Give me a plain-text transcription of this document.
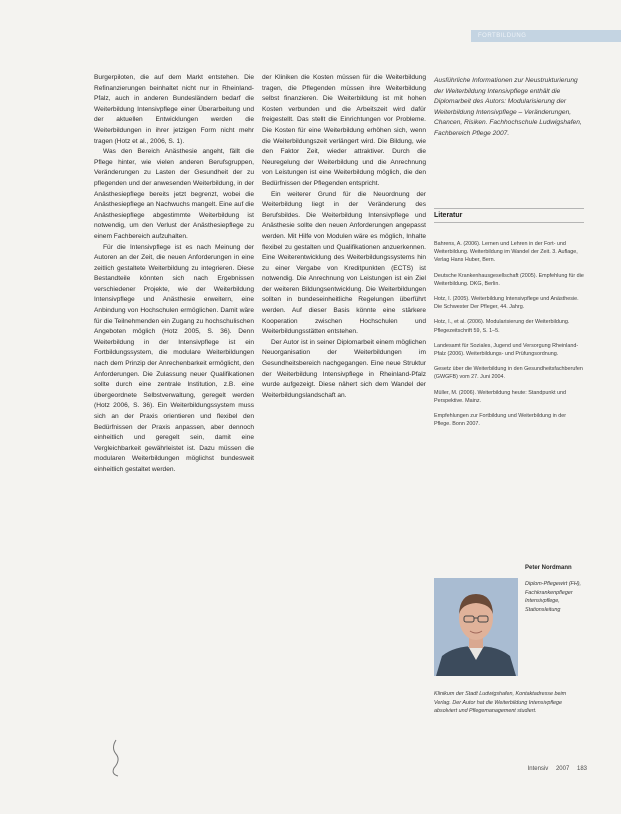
FORTBILDUNG

Burgerpiloten, die auf dem Markt entstehen. Die Refinanzierungen beinhaltet nicht nur in Rheinland-Pfalz, auch in anderen Bundesländern bedarf die Weiterbildung Intensivpflege einer Überarbeitung und der aktuellen Entwicklungen werden die Weiterbildungen in ihrer jetzigen Form nicht mehr tragen (Hotz et al., 2006, S. 1).

Was den Bereich Anästhesie angeht, fällt die Pflege hinter, wie vielen anderen Berufsgruppen, Veränderungen zu Lasten der Gesundheit der zu pflegenden und der anwesenden Weiterbildung, in der Anästhesiepflege bereits jetzt begrenzt, wobei die Anästhesiepflege an Nachwuchs mangelt. Eine auf die Anästhesiepflege abgestimmte Weiterbildung ist notwendig, um den Verlust der Anästhesiepflege zu einem Fachbereich aufzuhalten.

Für die Intensivpflege ist es nach Meinung der Autoren an der Zeit, die neuen Anforderungen in eine zeitlich gestaltete Weiterbildung zu integrieren. Diese Bestandteile könnten sich nach Ergebnissen verschiedener Projekte, wie der Weiterbildung Intensivpflege und Anästhesie erweitern, eine Anbindung von Hochschulen ermöglichen. Damit wäre für die Teilnehmenden ein Zugang zu hochschulischen Angeboten möglich (Hotz 2005, S. 36). Denn Weiterbildung in der Intensivpflege ist ein Fortbildungssystem, die modulare Weiterbildungen nach dem Prinzip der Anrechenbarkeit ermöglicht, den Anforderungen. Die Zulassung neuer Qualifikationen sollte durch eine zentrale Institution, z.B. eine übergeordnete Selbstverwaltung, geregelt werden (Hotz 2006, S. 36). Ein Weiterbildungssystem muss sich an der Praxis orientieren und flexibel den Bedürfnissen der Praxis anpassen, aber dennoch einheitlich und geregelt sein, damit eine Vergleichbarkeit gewährleistet ist. Dazu müssen die modularen Weiterbildungen möglichst bundesweit einheitlich gestaltet werden.

der Kliniken die Kosten müssen für die Weiterbildung tragen, die Pflegenden müssen ihre Weiterbildung selbst finanzieren. Die Weiterbildung ist mit hohen Kosten verbunden und die Arbeitszeit wird dafür freigestellt. Das stellt die Einrichtungen vor Probleme. Die Kosten für eine Weiterbildung erhöhen sich, wenn die Weiterbildungszeit verlängert wird. Die Bildung, wie den Faktor Zeit, wieder attraktiver. Durch die Neuregelung der Weiterbildung und die Anrechnung von Leistungen ist eine Weiterbildung möglich, die den Bedürfnissen der Pflegenden entspricht.

Ein weiterer Grund für die Neuordnung der Weiterbildung liegt in der Veränderung des Berufsbildes. Die Weiterbildung Intensivpflege und Anästhesie sollte den neuen Anforderungen angepasst werden. Mit Hilfe von Modulen wäre es möglich, Inhalte flexibel zu gestalten und Qualifikationen anzuerkennen. Eine Weiterentwicklung des Weiterbildungssystems hin zu einer Vergabe von Kreditpunkten (ECTS) ist notwendig. Die Anrechnung von Leistungen ist ein Ziel der weiteren Bildungsentwicklung. Die Weiterbildungen sollten in bundeseinheitliche Regelungen überführt werden. Auf dieser Basis könnte eine stärkere Kooperation zwischen Hochschulen und Weiterbildungsstätten entstehen.

Der Autor ist in seiner Diplomarbeit einem möglichen Neuorganisation der Weiterbildungen im Gesundheitsbereich nachgegangen. Eine neue Struktur der Weiterbildung Intensivpflege in Rheinland-Pfalz wurde aufgezeigt. Diese nähert sich dem Wandel der Weiterbildungslandschaft an.

Ausführliche Informationen zur Neustrukturierung der Weiterbildung Intensivpflege enthält die Diplomarbeit des Autors: Modularisierung der Weiterbildung Intensivpflege – Veränderungen, Chancen, Risiken. Fachhochschule Ludwigshafen, Fachbereich Pflege 2007.
Literatur

Bahrens, A. (2006). Lernen und Lehren in der Fort- und Weiterbildung. Weiterbildung im Wandel der Zeit. 3. Auflage, Verlag Hans Huber, Bern.

Deutsche Krankenhausgesellschaft (2005). Empfehlung für die Weiterbildung. DKG, Berlin.

Hotz, I. (2005). Weiterbildung Intensivpflege und Anästhesie. Die Schwester Der Pfleger, 44. Jahrg.

Hotz, I., et al. (2006). Modularisierung der Weiterbildung. Pflegezeitschrift 59, S. 1–5.

Landesamt für Soziales, Jugend und Versorgung Rheinland-Pfalz (2006). Weiterbildungs- und Prüfungsordnung.

Gesetz über die Weiterbildung in den Gesundheitsfachberufen (GWGFB) vom 27. Juni 2004.

Müller, M. (2006). Weiterbildung heute: Standpunkt und Perspektive. Mainz.

Empfehlungen zur Fortbildung und Weiterbildung in der Pflege. Bonn 2007.

Peter Nordmann
Diplom-Pflegewirt (FH), Fachkrankenpfleger Intensivpflege, Stationsleitung
Klinikum der Stadt Ludwigshafen, Kontaktadresse beim Verlag. Der Autor hat die Weiterbildung Intensivpflege absolviert und Pflegemanagement studiert.
Intensiv 2007 183
